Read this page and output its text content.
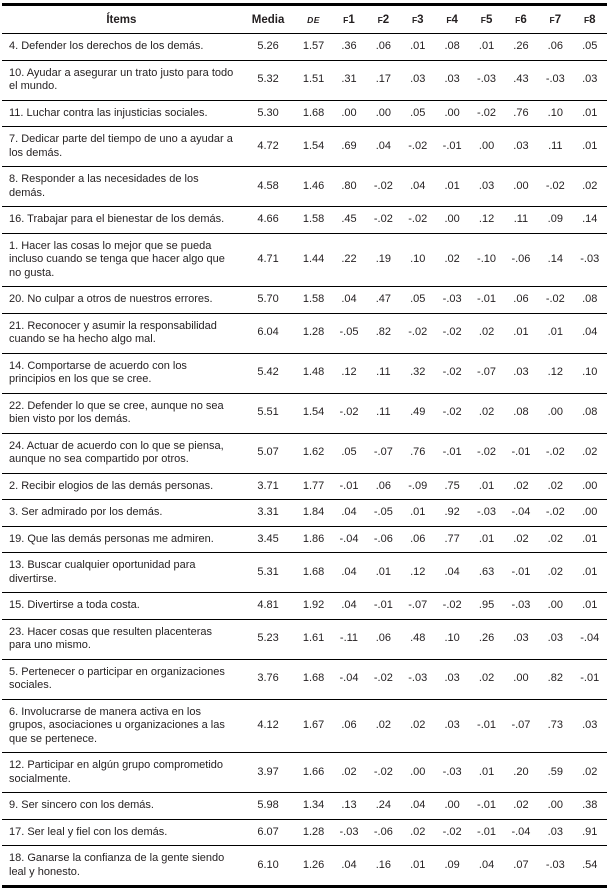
Ítems	Media	DE	F1	F2	F3	F4	F5	F6	F7	F8
4. Defender los derechos de los demás.	5.26	1.57	.36	.06	.01	.08	.01	.26	.06	.05
10. Ayudar a asegurar un trato justo para todo el mundo.	5.32	1.51	.31	.17	.03	.03	-.03	.43	-.03	.03
11. Luchar contra las injusticias sociales.	5.30	1.68	.00	.00	.05	.00	-.02	.76	.10	.01
7. Dedicar parte del tiempo de uno a ayudar a los demás.	4.72	1.54	.69	.04	-.02	-.01	.00	.03	.11	.01
8. Responder a las necesidades de los demás.	4.58	1.46	.80	-.02	.04	.01	.03	.00	-.02	.02
16. Trabajar para el bienestar de los demás.	4.66	1.58	.45	-.02	-.02	.00	.12	.11	.09	.14
1. Hacer las cosas lo mejor que se pueda incluso cuando se tenga que hacer algo que no gusta.	4.71	1.44	.22	.19	.10	.02	-.10	-.06	.14	-.03
20. No culpar a otros de nuestros errores.	5.70	1.58	.04	.47	.05	-.03	-.01	.06	-.02	.08
21. Reconocer y asumir la responsabilidad cuando se ha hecho algo mal.	6.04	1.28	-.05	.82	-.02	-.02	.02	.01	.01	.04
14. Comportarse de acuerdo con los principios en los que se cree.	5.42	1.48	.12	.11	.32	-.02	-.07	.03	.12	.10
22. Defender lo que se cree, aunque no sea bien visto por los demás.	5.51	1.54	-.02	.11	.49	-.02	.02	.08	.00	.08
24. Actuar de acuerdo con lo que se piensa, aunque no sea compartido por otros.	5.07	1.62	.05	-.07	.76	-.01	-.02	-.01	-.02	.02
2. Recibir elogios de las demás personas.	3.71	1.77	-.01	.06	-.09	.75	.01	.02	.02	.00
3. Ser admirado por los demás.	3.31	1.84	.04	-.05	.01	.92	-.03	-.04	-.02	.00
19. Que las demás personas me admiren.	3.45	1.86	-.04	-.06	.06	.77	.01	.02	.02	.01
13. Buscar cualquier oportunidad para divertirse.	5.31	1.68	.04	.01	.12	.04	.63	-.01	.02	.01
15. Divertirse a toda costa.	4.81	1.92	.04	-.01	-.07	-.02	.95	-.03	.00	.01
23. Hacer cosas que resulten placenteras para uno mismo.	5.23	1.61	-.11	.06	.48	.10	.26	.03	.03	-.04
5. Pertenecer o participar en organizaciones sociales.	3.76	1.68	-.04	-.02	-.03	.03	.02	.00	.82	-.01
6. Involucrarse de manera activa en los grupos, asociaciones u organizaciones a las que se pertenece.	4.12	1.67	.06	.02	.02	.03	-.01	-.07	.73	.03
12. Participar en algún grupo comprometido socialmente.	3.97	1.66	.02	-.02	.00	-.03	.01	.20	.59	.02
9. Ser sincero con los demás.	5.98	1.34	.13	.24	.04	.00	-.01	.02	.00	.38
17. Ser leal y fiel con los demás.	6.07	1.28	-.03	-.06	.02	-.02	-.01	-.04	.03	.91
18. Ganarse la confianza de la gente siendo leal y honesto.	6.10	1.26	.04	.16	.01	.09	.04	.07	-.03	.54
